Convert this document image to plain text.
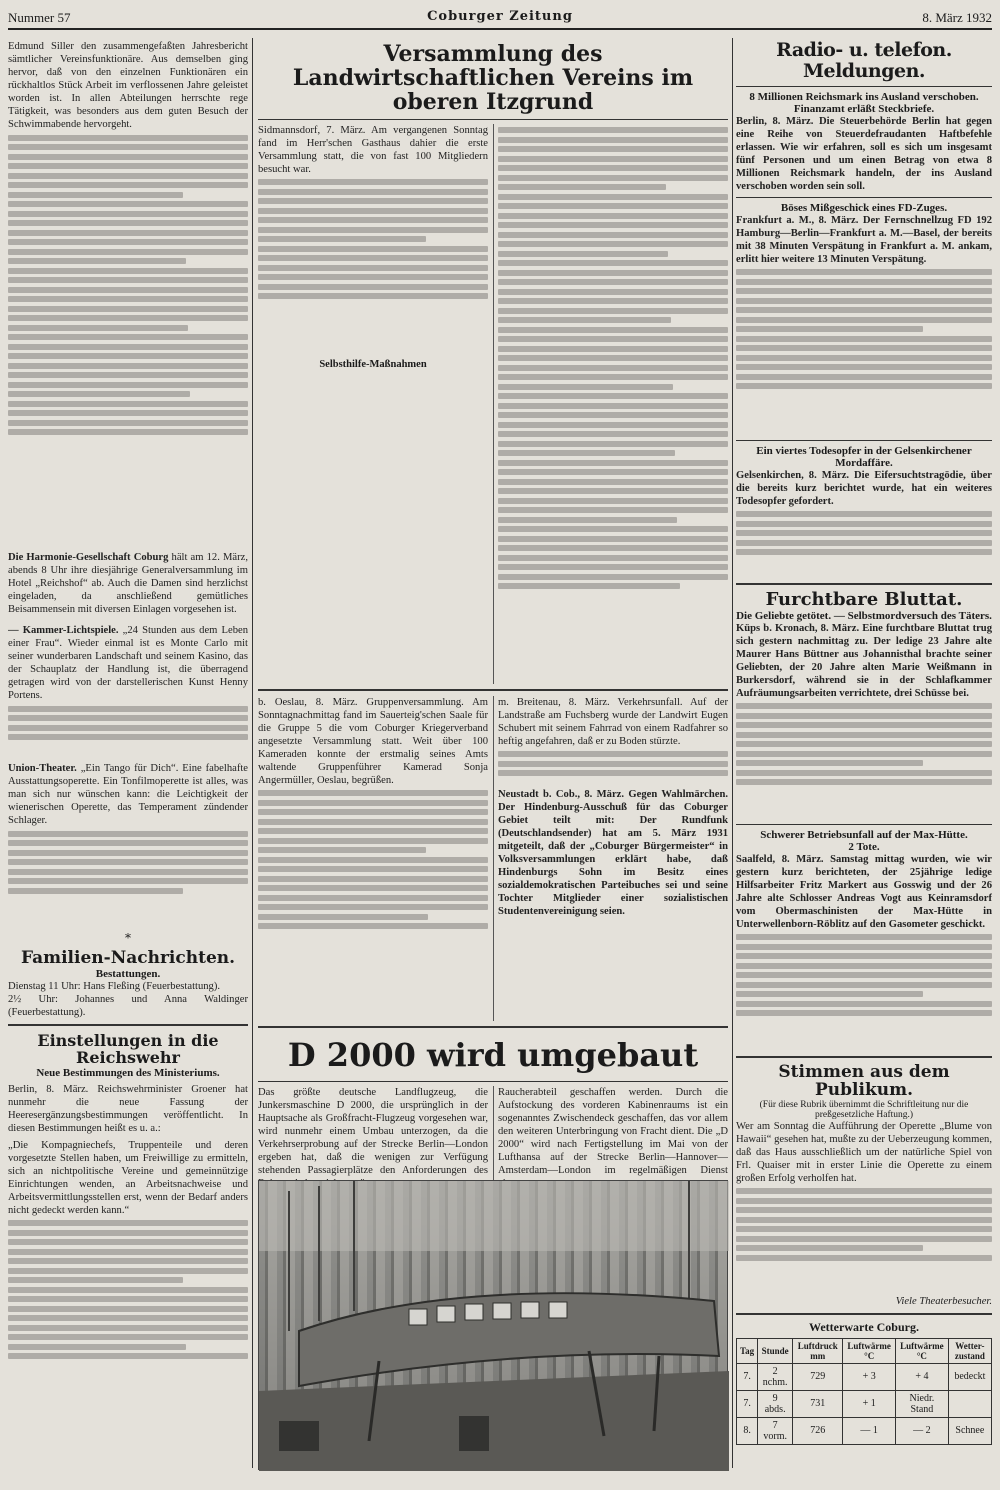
Nummer 57	Coburger Zeitung	8. März 1932

Edmund Siller den zusammengefaßten Jahresbericht sämtlicher Vereinsfunktionäre. Aus demselben ging hervor, daß von den einzelnen Funktionären ein rückhaltlos Stück Arbeit im verflossenen Jahre geleistet worden ist. In allen Abteilungen herrschte rege Tätigkeit, was besonders aus dem guten Besuch der Schwimmabende hervorgeht.

Die Harmonie-Gesellschaft Coburg hält am 12. März, abends 8 Uhr ihre diesjährige Generalversammlung im Hotel „Reichshof“ ab. Auch die Damen sind herzlichst eingeladen, da anschließend gemütliches Beisammensein mit diversen Einlagen vorgesehen ist.

— Kammer-Lichtspiele. „24 Stunden aus dem Leben einer Frau“. Wieder einmal ist es Monte Carlo mit seiner wunderbaren Landschaft und seinem Kasino, das der Schauplatz der Handlung ist, die überragend getragen wird von der darstellerischen Kunst Henny Portens.

Union-Theater. „Ein Tango für Dich“. Eine fabelhafte Ausstattungsoperette. Ein Tonfilmoperette ist alles, was man sich nur wünschen kann: die Leichtigkeit der wienerischen Operette, das Temperament zündender Schlager.

*
Familien-Nachrichten.
Bestattungen.

Dienstag 11 Uhr: Hans Fleßing (Feuerbestattung).

2½ Uhr: Johannes und Anna Waldinger (Feuerbestattung).

Einstellungen in die Reichswehr
Neue Bestimmungen des Ministeriums.

Berlin, 8. März. Reichswehrminister Groener hat nunmehr die neue Fassung der Heeresergänzungsbestimmungen veröffentlicht. In diesen Bestimmungen heißt es u. a.:

„Die Kompagniechefs, Truppenteile und deren vorgesetzte Stellen haben, um Freiwillige zu ermitteln, sich an nichtpolitische Vereine und gemeinnützige Einrichtungen wenden, an Arbeitsnachweise und Arbeitsvermittlungsstellen erst, wenn der Bedarf anders nicht gedeckt werden kann.“

Versammlung des Landwirtschaftlichen Vereins im oberen Itzgrund

Sidmannsdorf, 7. März. Am vergangenen Sonntag fand im Herr'schen Gasthaus dahier die erste Versammlung statt, die von fast 100 Mitgliedern besucht war.

Selbsthilfe-Maßnahmen

b. Oeslau, 8. März. Gruppenversammlung. Am Sonntagnachmittag fand im Sauerteig'schen Saale für die Gruppe 5 die vom Coburger Kriegerverband angesetzte Versammlung statt. Weit über 100 Kameraden konnte der erstmalig seines Amts waltende Gruppenführer Kamerad Sonja Angermüller, Oeslau, begrüßen.

m. Breitenau, 8. März. Verkehrsunfall. Auf der Landstraße am Fuchsberg wurde der Landwirt Eugen Schubert mit seinem Fahrrad von einem Radfahrer so heftig angefahren, daß er zu Boden stürzte.

Neustadt b. Cob., 8. März. Gegen Wahlmärchen. Der Hindenburg-Ausschuß für das Coburger Gebiet teilt mit: Der Rundfunk (Deutschlandsender) hat am 5. März 1931 mitgeteilt, daß der „Coburger Bürgermeister“ in Volksversammlungen erklärt habe, daß Hindenburgs Sohn im Besitz eines sozialdemokratischen Parteibuches sei und seine Tochter Mitglieder einer sozialistischen Studentenvereinigung seien.

D 2000 wird umgebaut

Das größte deutsche Landflugzeug, die Junkersmaschine D 2000, die ursprünglich in der Hauptsache als Großfracht-Flugzeug vorgesehen war, wird nunmehr einem Umbau unterzogen, da die Verkehrserprobung auf der Strecke Berlin—London ergeben hat, daß die wenigen zur Verfügung stehenden Passagierplätze den Anforderungen des

Raucherabteil geschaffen werden. Durch die Aufstockung des vorderen Kabinenraums ist ein sogenanntes Zwischendeck geschaffen, das vor allem den weiteren Unterbringung von Fracht dient. Die „D 2000“ wird nach Fertigstellung im Mai von der Lufthansa auf der Strecke Berlin—Hannover—Amsterdam—London im regelmäßigen Dienst

Radio- u. telefon. Meldungen.
8 Millionen Reichsmark ins Ausland verschoben.
Finanzamt erläßt Steckbriefe.

Berlin, 8. März. Die Steuerbehörde Berlin hat gegen eine Reihe von Steuerdefraudanten Haftbefehle erlassen. Wie wir erfahren, soll es sich um insgesamt fünf Personen und um einen Betrag von etwa 8 Millionen Reichsmark handeln, der ins Ausland verschoben worden sein soll.

Böses Mißgeschick eines FD-Zuges.

Frankfurt a. M., 8. März. Der Fernschnellzug FD 192 Hamburg—Berlin—Frankfurt a. M.—Basel, der bereits mit 38 Minuten Verspätung in Frankfurt a. M. ankam, erlitt hier weitere 13 Minuten Verspätung.

Ein viertes Todesopfer in der Gelsenkirchener Mordaffäre.

Gelsenkirchen, 8. März. Die Eifersuchtstragödie, über die bereits kurz berichtet wurde, hat ein weiteres Todesopfer gefordert.

Furchtbare Bluttat.
Die Geliebte getötet. — Selbstmordversuch des Täters.

Küps b. Kronach, 8. März. Eine furchtbare Bluttat trug sich gestern nachmittag zu. Der ledige 23 Jahre alte Maurer Hans Büttner aus Johannisthal brachte seiner Geliebten, der 20 Jahre alten Marie Weißmann in Burkersdorf, während sie in der Schlafkammer Aufräumungsarbeiten verrichtete, drei Schüsse bei.

Schwerer Betriebsunfall auf der Max-Hütte.
2 Tote.

Saalfeld, 8. März. Samstag mittag wurden, wie wir gestern kurz berichteten, der 25jährige ledige Hilfsarbeiter Fritz Markert aus Gosswig und der 26 Jahre alte Schlosser Andreas Vogt aus Keinramsdorf vom Obermaschinisten der Max-Hütte in Unterwellenborn-Röblitz auf den Gasometer geschickt.

Stimmen aus dem Publikum.
(Für diese Rubrik übernimmt die Schriftleitung nur die preßgesetzliche Haftung.)

Wer am Sonntag die Aufführung der Operette „Blume von Hawaii“ gesehen hat, mußte zu der Ueberzeugung kommen, daß das Haus ausschließlich um der natürliche Spiel von Frl. Quaiser mit in erster Linie die Operette zu einem großen Erfolg verholfen hat.

Viele Theaterbesucher.

Wetterwarte Coburg.
Tag	Stunde	Luftdruck mm	Luftwärme °C	Luftwärme °C	Wetter-zustand
7.	2 nchm.	729	+ 3	+ 4	bedeckt
7.	9 abds.	731	+ 1	Niedr. Stand	
8.	7 vorm.	726	— 1	— 2	Schnee
